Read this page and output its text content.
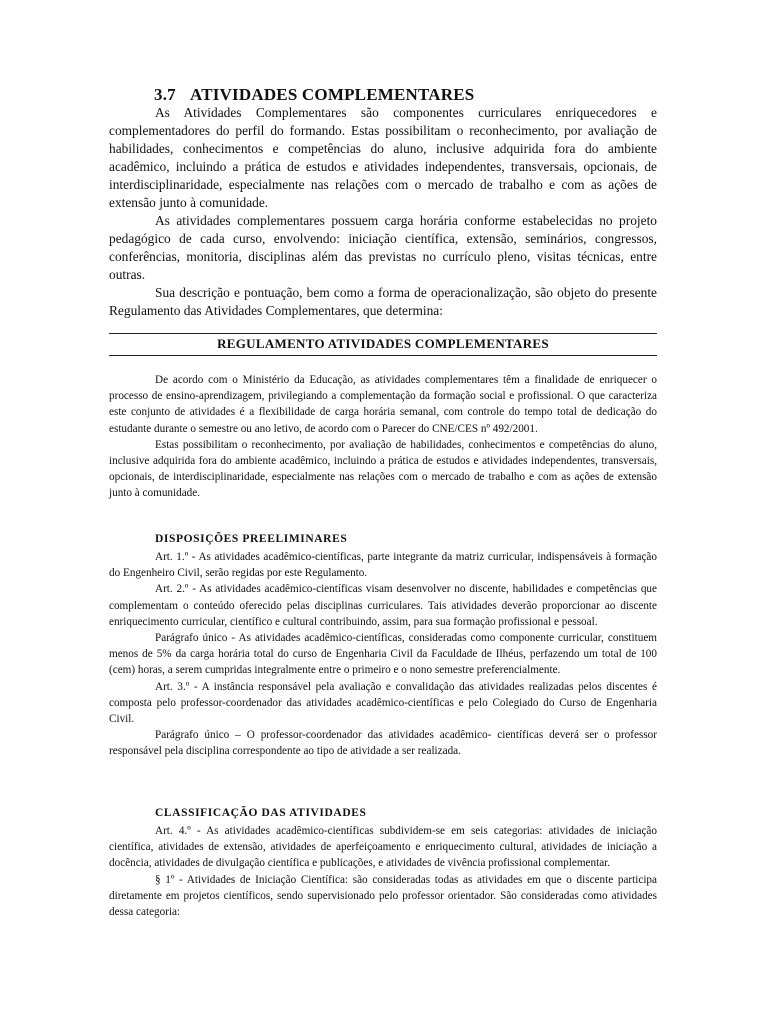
3.7 ATIVIDADES COMPLEMENTARES

As Atividades Complementares são componentes curriculares enriquecedores e complementadores do perfil do formando. Estas possibilitam o reconhecimento, por avaliação de habilidades, conhecimentos e competências do aluno, inclusive adquirida fora do ambiente acadêmico, incluindo a prática de estudos e atividades independentes, transversais, opcionais, de interdisciplinaridade, especialmente nas relações com o mercado de trabalho e com as ações de extensão junto à comunidade.

As atividades complementares possuem carga horária conforme estabelecidas no projeto pedagógico de cada curso, envolvendo: iniciação científica, extensão, seminários, congressos, conferências, monitoria, disciplinas além das previstas no currículo pleno, visitas técnicas, entre outras.

Sua descrição e pontuação, bem como a forma de operacionalização, são objeto do presente Regulamento das Atividades Complementares, que determina:

REGULAMENTO ATIVIDADES COMPLEMENTARES

De acordo com o Ministério da Educação, as atividades complementares têm a finalidade de enriquecer o processo de ensino-aprendizagem, privilegiando a complementação da formação social e profissional. O que caracteriza este conjunto de atividades é a flexibilidade de carga horária semanal, com controle do tempo total de dedicação do estudante durante o semestre ou ano letivo, de acordo com o Parecer do CNE/CES nº 492/2001.

Estas possibilitam o reconhecimento, por avaliação de habilidades, conhecimentos e competências do aluno, inclusive adquirida fora do ambiente acadêmico, incluindo a prática de estudos e atividades independentes, transversais, opcionais, de interdisciplinaridade, especialmente nas relações com o mercado de trabalho e com as ações de extensão junto à comunidade.

DISPOSIÇÕES PREELIMINARES

Art. 1.º - As atividades acadêmico-científicas, parte integrante da matriz curricular, indispensáveis à formação do Engenheiro Civil, serão regidas por este Regulamento.

Art. 2.º - As atividades acadêmico-científicas visam desenvolver no discente, habilidades e competências que complementam o conteúdo oferecido pelas disciplinas curriculares. Tais atividades deverão proporcionar ao discente enriquecimento curricular, científico e cultural contribuindo, assim, para sua formação profissional e pessoal.

Parágrafo único - As atividades acadêmico-científicas, consideradas como componente curricular, constituem menos de 5% da carga horária total do curso de Engenharia Civil da Faculdade de Ilhéus, perfazendo um total de 100 (cem) horas, a serem cumpridas integralmente entre o primeiro e o nono semestre preferencialmente.

Art. 3.º - A instância responsável pela avaliação e convalidação das atividades realizadas pelos discentes é composta pelo professor-coordenador das atividades acadêmico-científicas e pelo Colegiado do Curso de Engenharia Civil.

Parágrafo único – O professor-coordenador das atividades acadêmico- científicas deverá ser o professor responsável pela disciplina correspondente ao tipo de atividade a ser realizada.

CLASSIFICAÇÃO DAS ATIVIDADES

Art. 4.º - As atividades acadêmico-científicas subdividem-se em seis categorias: atividades de iniciação científica, atividades de extensão, atividades de aperfeiçoamento e enriquecimento cultural, atividades de iniciação a docência, atividades de divulgação científica e publicações, e atividades de vivência profissional complementar.

§ 1º - Atividades de Iniciação Científica: são consideradas todas as atividades em que o discente participa diretamente em projetos científicos, sendo supervisionado pelo professor orientador. São consideradas como atividades dessa categoria:
